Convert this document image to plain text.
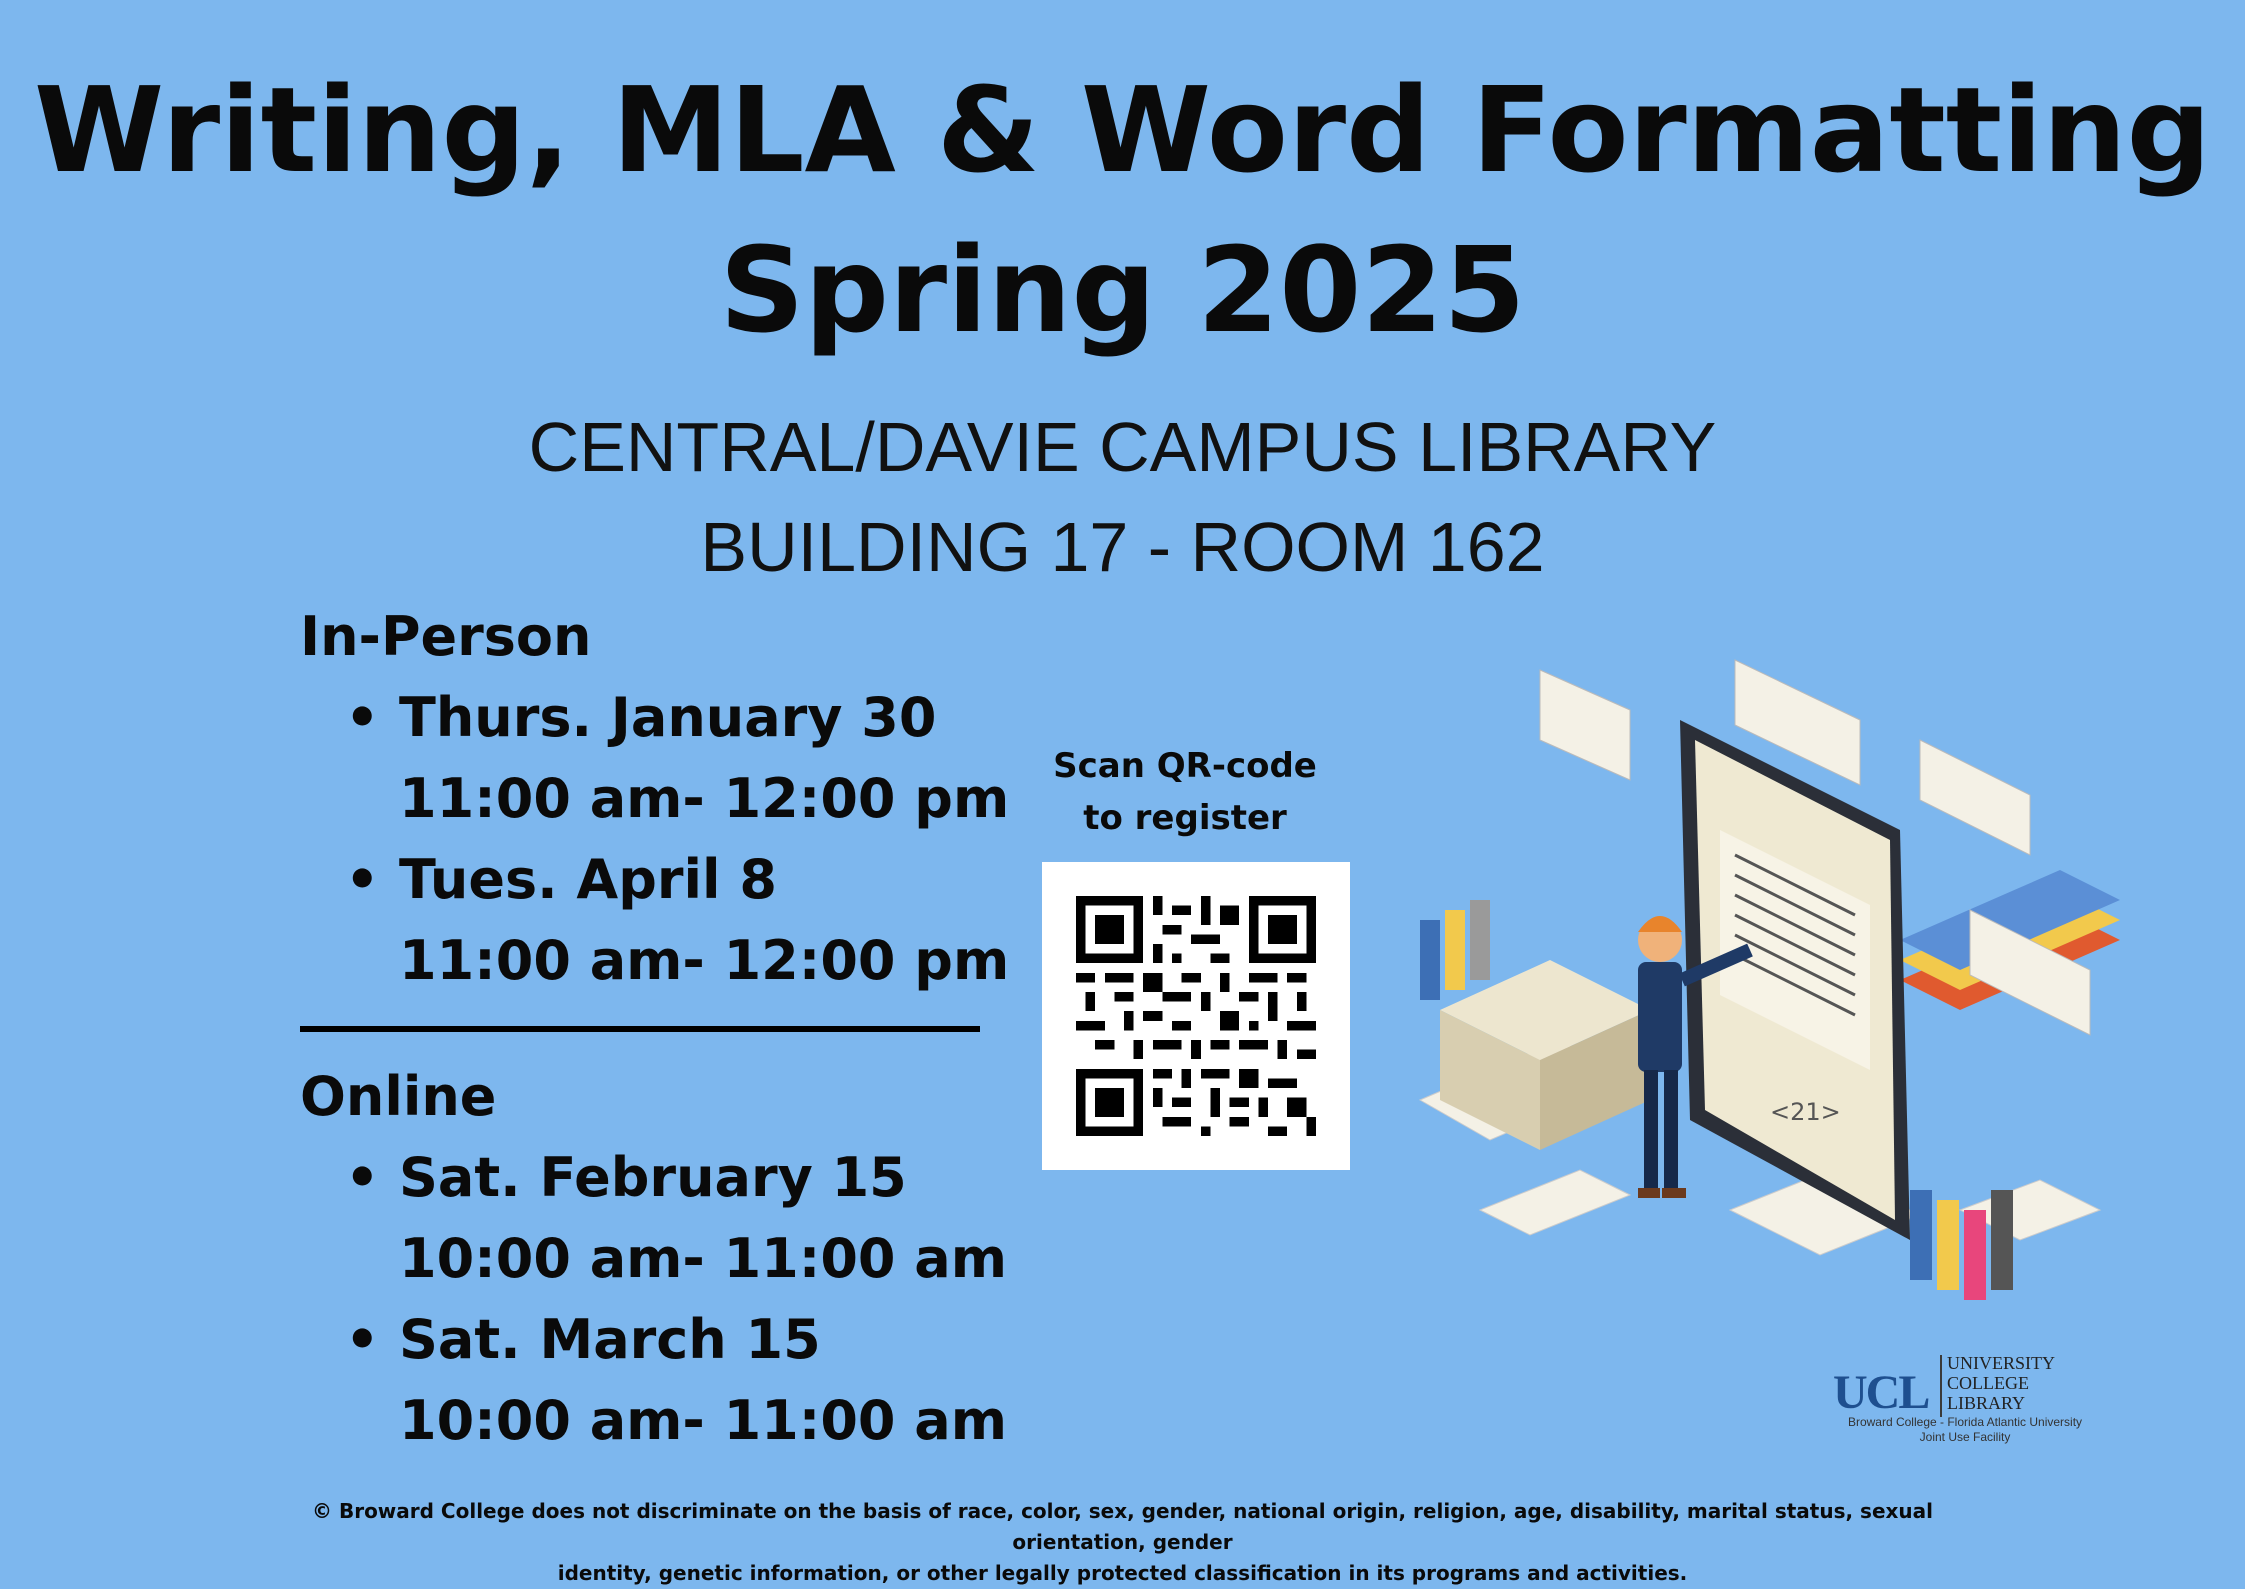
Writing, MLA & Word Formatting
Spring 2025
CENTRAL/DAVIE CAMPUS LIBRARY
BUILDING 17 - ROOM 162
In-Person
• Thurs. January 30
11:00 am- 12:00 pm
• Tues. April 8
11:00 am- 12:00 pm
Online
• Sat. February 15
10:00 am- 11:00 am
• Sat. March 15
10:00 am- 11:00 am
Scan QR-code
to register
<21>
UCL
UNIVERSITY
COLLEGE
LIBRARY
Broward College - Florida Atlantic University
Joint Use Facility
© Broward College does not discriminate on the basis of race, color, sex, gender, national origin, religion, age, disability, marital status, sexual orientation, gender
identity, genetic information, or other legally protected classification in its programs and activities.
